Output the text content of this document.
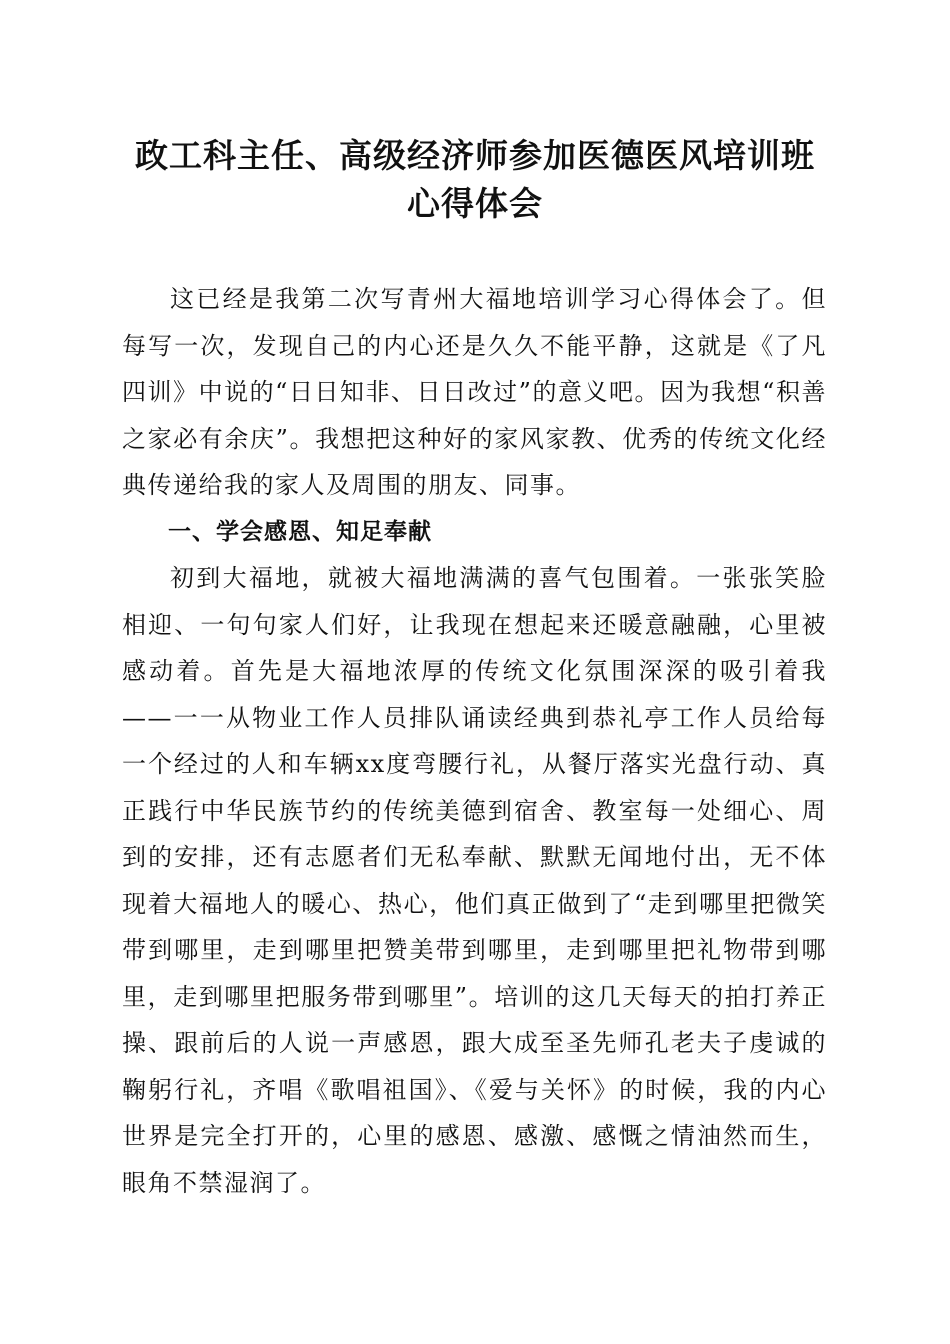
政工科主任、高级经济师参加医德医风培训班
心得体会

这已经是我第二次写青州大福地培训学习心得体会了。但每写一次，发现自己的内心还是久久不能平静，这就是《了凡四训》中说的“日日知非、日日改过”的意义吧。因为我想“积善之家必有余庆”。我想把这种好的家风家教、优秀的传统文化经典传递给我的家人及周围的朋友、同事。

一、学会感恩、知足奉献

初到大福地，就被大福地满满的喜气包围着。一张张笑脸相迎、一句句家人们好，让我现在想起来还暖意融融，心里被感动着。首先是大福地浓厚的传统文化氛围深深的吸引着我——一一从物业工作人员排队诵读经典到恭礼亭工作人员给每一个经过的人和车辆xx度弯腰行礼，从餐厅落实光盘行动、真正践行中华民族节约的传统美德到宿舍、教室每一处细心、周到的安排，还有志愿者们无私奉献、默默无闻地付出，无不体现着大福地人的暖心、热心，他们真正做到了“走到哪里把微笑带到哪里，走到哪里把赞美带到哪里，走到哪里把礼物带到哪里，走到哪里把服务带到哪里”。培训的这几天每天的拍打养正操、跟前后的人说一声感恩，跟大成至圣先师孔老夫子虔诚的鞠躬行礼，齐唱《歌唱祖国》、《爱与关怀》的时候，我的内心世界是完全打开的，心里的感恩、感激、感慨之情油然而生，眼角不禁湿润了。
